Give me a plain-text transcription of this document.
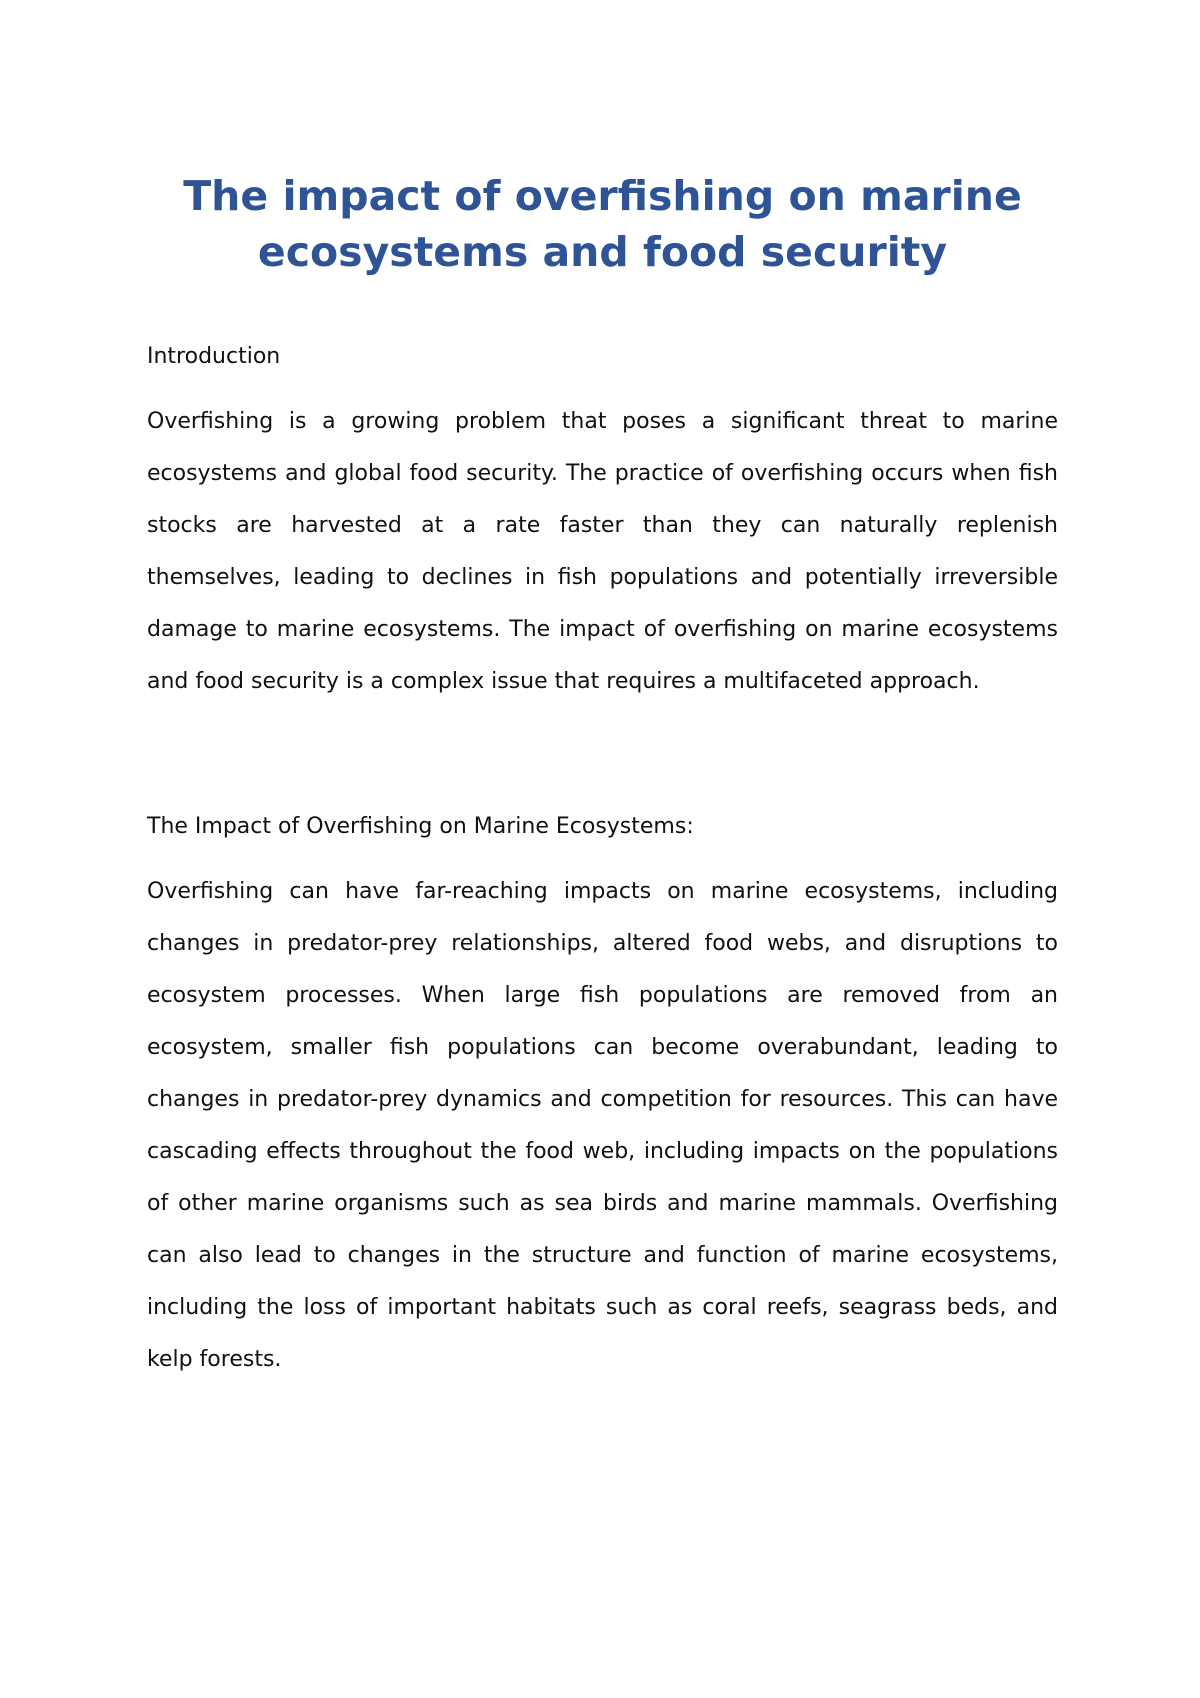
The impact of overfishing on marine ecosystems and food security

Introduction

Overfishing is a growing problem that poses a significant threat to marine ecosystems and global food security. The practice of overfishing occurs when fish stocks are harvested at a rate faster than they can naturally replenish themselves, leading to declines in fish populations and potentially irreversible damage to marine ecosystems. The impact of overfishing on marine ecosystems and food security is a complex issue that requires a multifaceted approach.

The Impact of Overfishing on Marine Ecosystems:

Overfishing can have far-reaching impacts on marine ecosystems, including changes in predator-prey relationships, altered food webs, and disruptions to ecosystem processes. When large fish populations are removed from an ecosystem, smaller fish populations can become overabundant, leading to changes in predator-prey dynamics and competition for resources. This can have cascading effects throughout the food web, including impacts on the populations of other marine organisms such as sea birds and marine mammals. Overfishing can also lead to changes in the structure and function of marine ecosystems, including the loss of important habitats such as coral reefs, seagrass beds, and kelp forests.
